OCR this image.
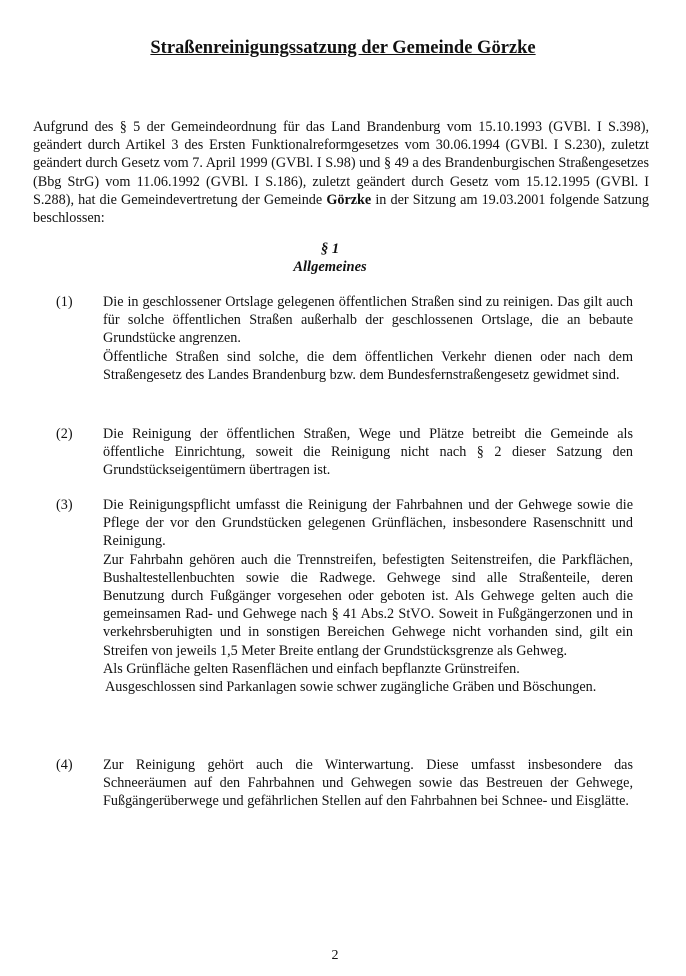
Straßenreinigungssatzung der Gemeinde Görzke
Aufgrund des § 5 der Gemeindeordnung für das Land Brandenburg vom 15.10.1993 (GVBl. I S.398), geändert durch Artikel 3 des Ersten Funktionalreformgesetzes vom 30.06.1994 (GVBl. I S.230), zuletzt geändert durch Gesetz vom 7. April 1999 (GVBl. I S.98) und § 49 a des Brandenburgischen Straßengesetzes (Bbg StrG) vom 11.06.1992 (GVBl. I S.186), zuletzt geändert durch Gesetz vom 15.12.1995 (GVBl. I S.288), hat die Gemeindevertretung der Gemeinde Görzke in der Sitzung am 19.03.2001 folgende Satzung beschlossen:
§ 1
Allgemeines
(1) Die in geschlossener Ortslage gelegenen öffentlichen Straßen sind zu reinigen. Das gilt auch für solche öffentlichen Straßen außerhalb der geschlossenen Ortslage, die an bebaute Grundstücke angrenzen.

Öffentliche Straßen sind solche, die dem öffentlichen Verkehr dienen oder nach dem Straßengesetz des Landes Brandenburg bzw. dem Bundesfernstraßengesetz gewidmet sind.

(2) Die Reinigung der öffentlichen Straßen, Wege und Plätze betreibt die Gemeinde als öffentliche Einrichtung, soweit die Reinigung nicht nach § 2 dieser Satzung den Grundstückseigentümern übertragen ist.

(3) Die Reinigungspflicht umfasst die Reinigung der Fahrbahnen und der Gehwege sowie die Pflege der vor den Grundstücken gelegenen Grünflächen, insbesondere Rasenschnitt und Reinigung.

Zur Fahrbahn gehören auch die Trennstreifen, befestigten Seitenstreifen, die Parkflächen, Bushaltestellenbuchten sowie die Radwege. Gehwege sind alle Straßenteile, deren Benutzung durch Fußgänger vorgesehen oder geboten ist. Als Gehwege gelten auch die gemeinsamen Rad- und Gehwege nach § 41 Abs.2 StVO. Soweit in Fußgängerzonen und in verkehrsberuhigten und in sonstigen Bereichen Gehwege nicht vorhanden sind, gilt ein Streifen von jeweils 1,5 Meter Breite entlang der Grundstücksgrenze als Gehweg.

Als Grünfläche gelten Rasenflächen und einfach bepflanzte Grünstreifen.

Ausgeschlossen sind Parkanlagen sowie schwer zugängliche Gräben und Böschungen.

(4) Zur Reinigung gehört auch die Winterwartung. Diese umfasst insbesondere das Schneeräumen auf den Fahrbahnen und Gehwegen sowie das Bestreuen der Gehwege, Fußgängerüberwege und gefährlichen Stellen auf den Fahrbahnen bei Schnee- und Eisglätte.

2
